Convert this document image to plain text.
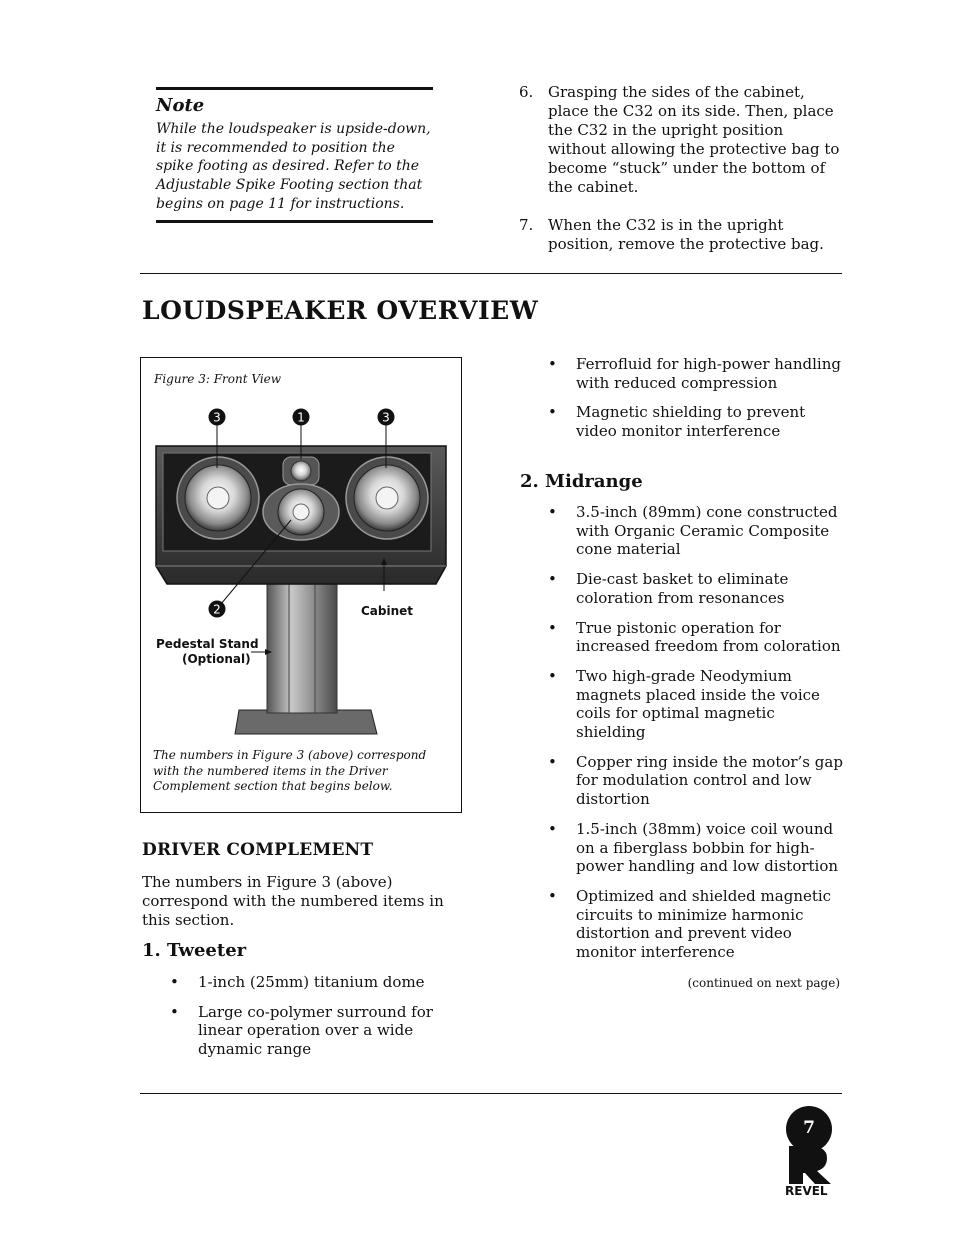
Note
While the loudspeaker is upside-down, it is recommended to position the spike footing as desired. Refer to the Adjustable Spike Footing section that begins on page 11 for instructions.
6. Grasping the sides of the cabinet, place the C32 on its side. Then, place the C32 in the upright position without allowing the protective bag to become “stuck” under the bottom of the cabinet.
7. When the C32 is in the upright position, remove the protective bag.
LOUDSPEAKER OVERVIEW
Figure 3: Front View
3	1	3
2	Cabinet
Pedestal Stand
(Optional)
The numbers in Figure 3 (above) correspond with the numbered items in the Driver Complement section that begins below.
DRIVER COMPLEMENT
The numbers in Figure 3 (above) correspond with the numbered items in this section.
1. Tweeter
•	1-inch (25mm) titanium dome
•	Large co-polymer surround for linear operation over a wide dynamic range
•	Ferrofluid for high-power handling with reduced compression
•	Magnetic shielding to prevent video monitor interference
2. Midrange
•	3.5-inch (89mm) cone constructed with Organic Ceramic Composite cone material
•	Die-cast basket to eliminate coloration from resonances
•	True pistonic operation for increased freedom from coloration
•	Two high-grade Neodymium magnets placed inside the voice coils for optimal magnetic shielding
•	Copper ring inside the motor’s gap for modulation control and low distortion
•	1.5-inch (38mm) voice coil wound on a fiberglass bobbin for high-power handling and low distortion
•	Optimized and shielded magnetic circuits to minimize harmonic distortion and prevent video monitor interference
(continued on next page)
7
REVEL
